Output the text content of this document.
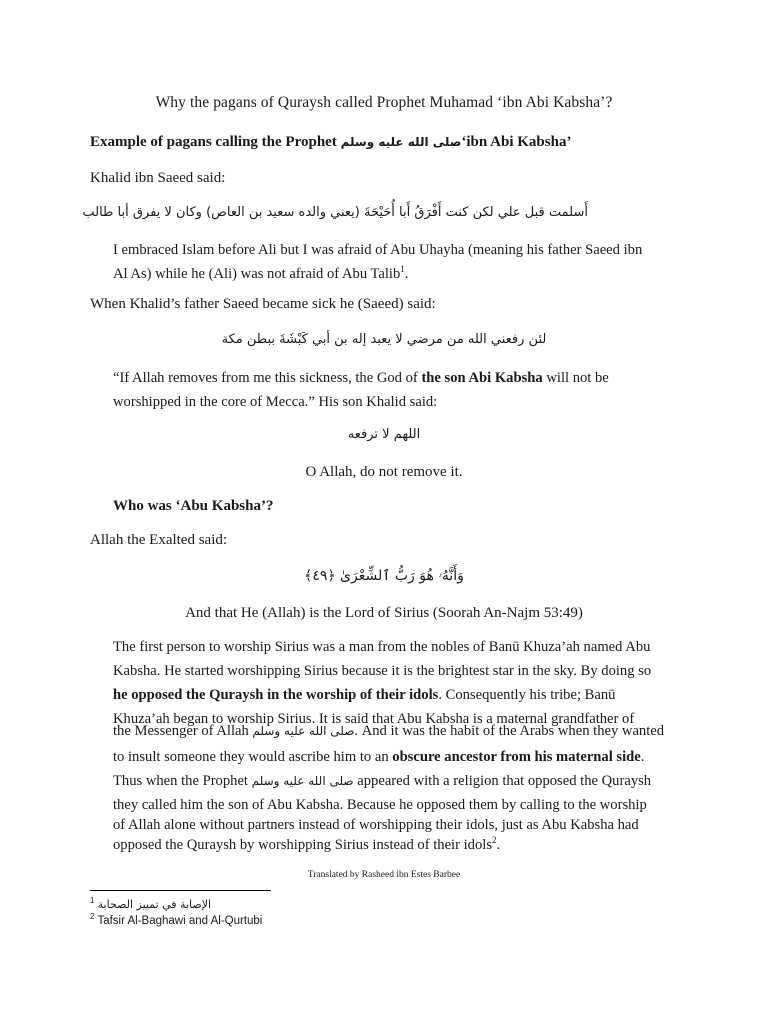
Why the pagans of Quraysh called Prophet Muhamad ‘ibn Abi Kabsha’?
Example of pagans calling the Prophet صلى الله عليه وسلم‘ibn Abi Kabsha’
Khalid ibn Saeed said:
أَسلمت قبل علي لكن كنت أَفْرَقُ أَبا أُحَيْحَةَ (يعني والده سعيد بن العاص) وكان لا يفرق أبا طالب
I embraced Islam before Ali but I was afraid of Abu Uhayha (meaning his father Saeed ibn
Al As) while he (Ali) was not afraid of Abu Talib$^1$.
When Khalid’s father Saeed became sick he (Saeed) said:
لئن رفعني الله من مرضي لا يعبد إله بن أبي كَبْشَةَ ببطن مكة
“If Allah removes from me this sickness, the God of the son Abi Kabsha will not be
worshipped in the core of Mecca.” His son Khalid said:
اللهم لا ترفعه
O Allah, do not remove it.
Who was ‘Abu Kabsha’?
Allah the Exalted said:
وَأَنَّهُۥ هُوَ رَبُّ ٱلشِّعْرَىٰ ﴿٤٩﴾
And that He (Allah) is the Lord of Sirius (Soorah An-Najm 53:49)
The first person to worship Sirius was a man from the nobles of Banū Khuza’ah named Abu
Kabsha. He started worshipping Sirius because it is the brightest star in the sky. By doing so
he opposed the Quraysh in the worship of their idols. Consequently his tribe; Banū
Khuza’ah began to worship Sirius. It is said that Abu Kabsha is a maternal grandfather of
the Messenger of Allah صلى الله عليه وسلم. And it was the habit of the Arabs when they wanted
to insult someone they would ascribe him to an obscure ancestor from his maternal side.
Thus when the Prophet صلى الله عليه وسلم appeared with a religion that opposed the Quraysh
they called him the son of Abu Kabsha. Because he opposed them by calling to the worship
of Allah alone without partners instead of worshipping their idols, just as Abu Kabsha had
opposed the Quraysh by worshipping Sirius instead of their idols$^2$.
Translated by Rasheed ibn Estes Barbee
$^1$ الإصابة في تمييز الصحابة
$^2$ Tafsir Al-Baghawi and Al-Qurtubi
